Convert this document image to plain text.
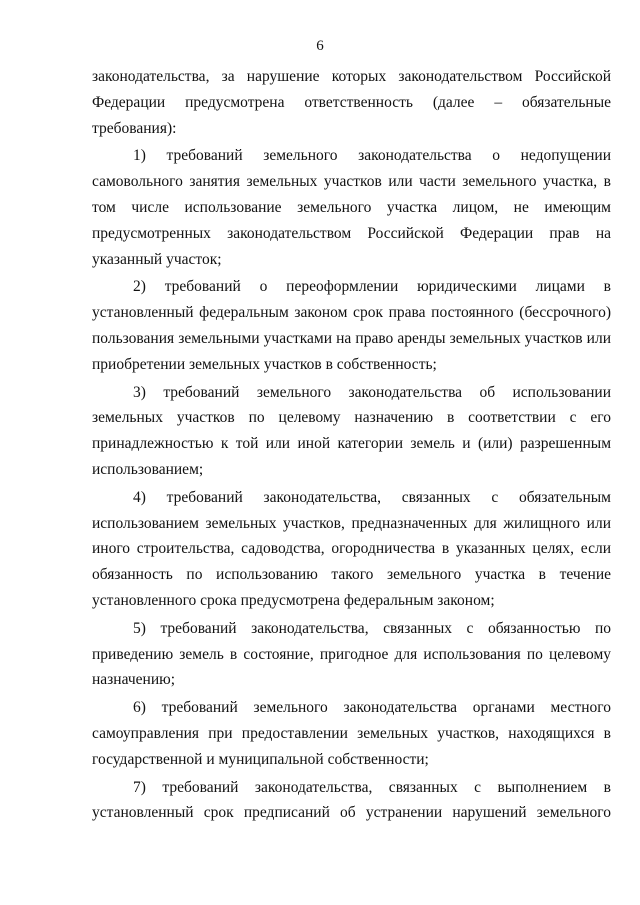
6

законодательства, за нарушение которых законодательством Российской Федерации предусмотрена ответственность (далее – обязательные требования):

1) требований земельного законодательства о недопущении самовольного занятия земельных участков или части земельного участка, в том числе использование земельного участка лицом, не имеющим предусмотренных законодательством Российской Федерации прав на указанный участок;

2) требований о переоформлении юридическими лицами в установленный федеральным законом срок права постоянного (бессрочного) пользования земельными участками на право аренды земельных участков или приобретении земельных участков в собственность;

3) требований земельного законодательства об использовании земельных участков по целевому назначению в соответствии с его принадлежностью к той или иной категории земель и (или) разрешенным использованием;

4) требований законодательства, связанных с обязательным использованием земельных участков, предназначенных для жилищного или иного строительства, садоводства, огородничества в указанных целях, если обязанность по использованию такого земельного участка в течение установленного срока предусмотрена федеральным законом;

5) требований законодательства, связанных с обязанностью по приведению земель в состояние, пригодное для использования по целевому назначению;

6) требований земельного законодательства органами местного самоуправления при предоставлении земельных участков, находящихся в государственной и муниципальной собственности;

7) требований законодательства, связанных с выполнением в установленный срок предписаний об устранении нарушений земельного
